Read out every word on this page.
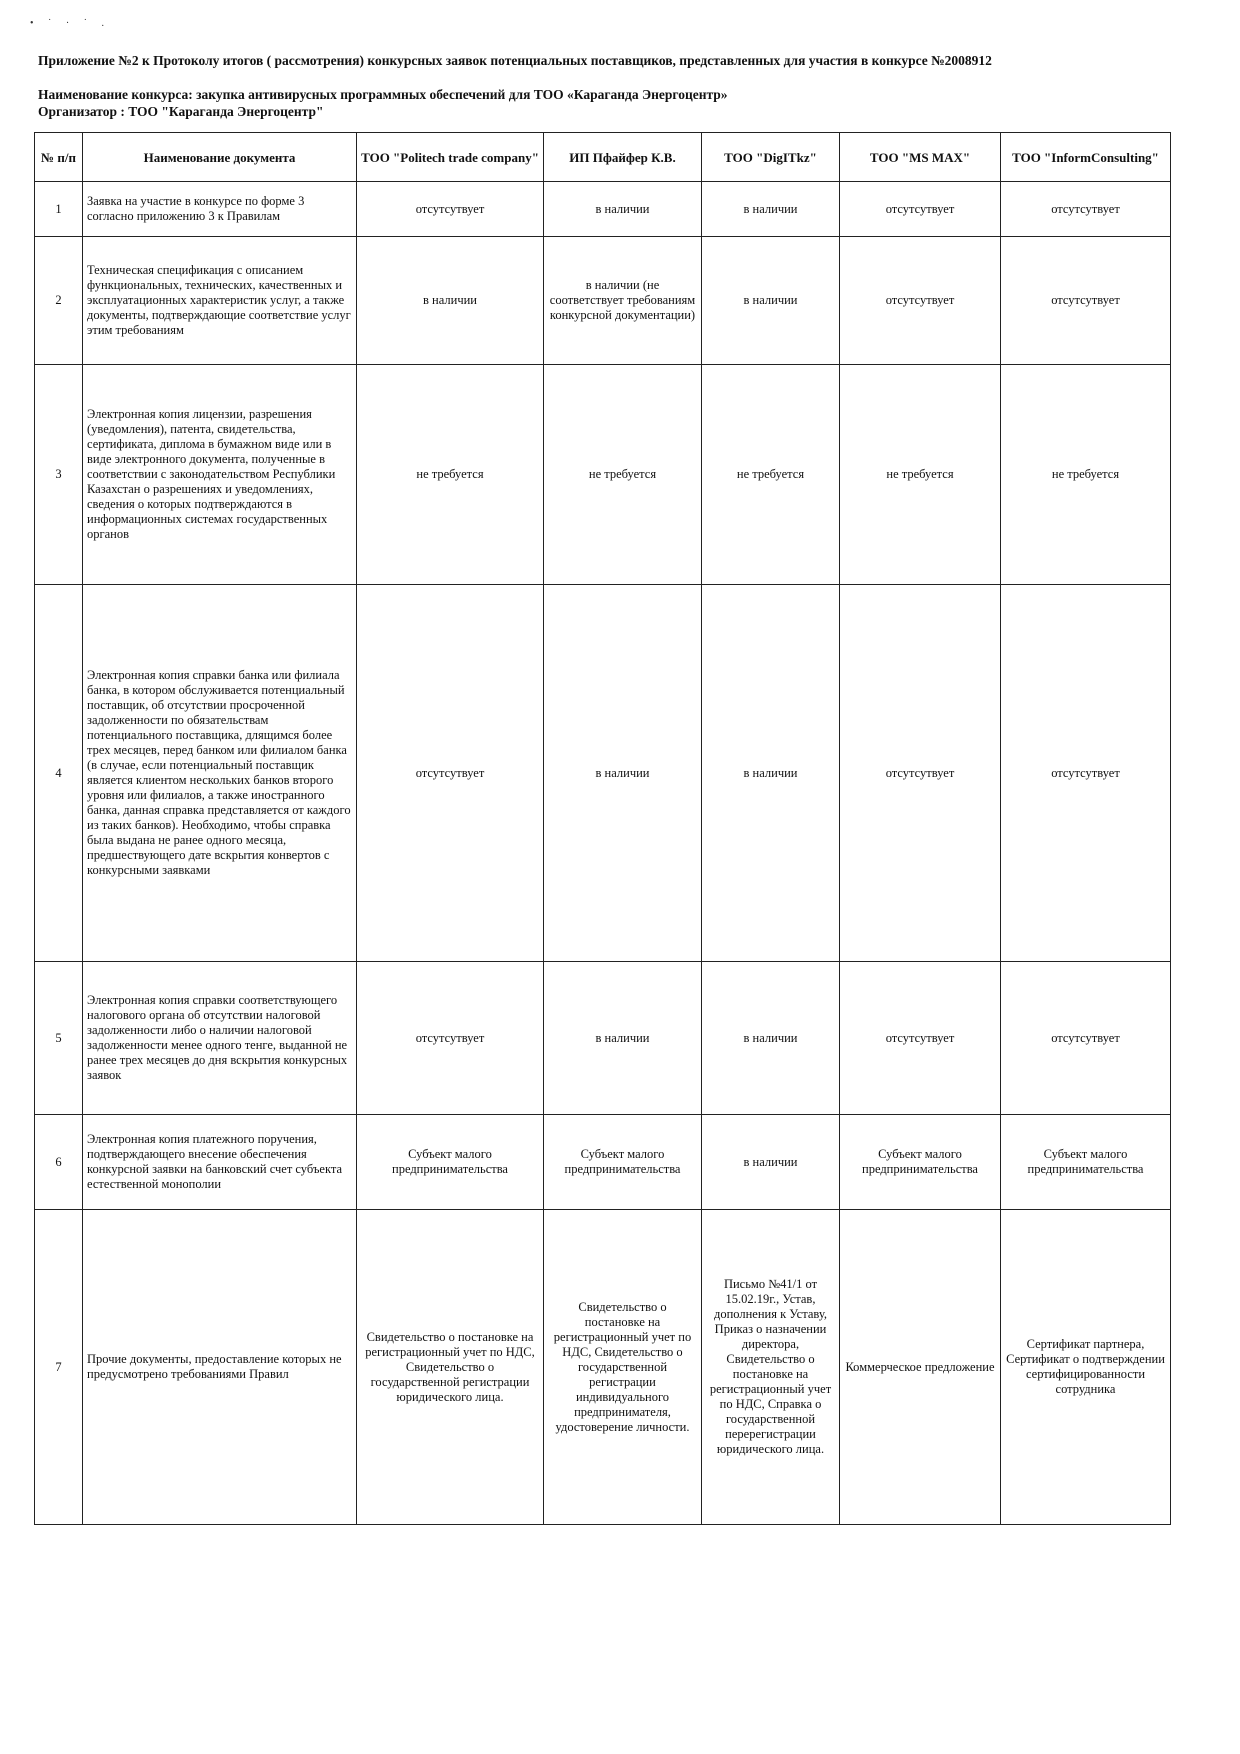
• ˙ · ˙ .
Приложение №2 к Протоколу итогов ( рассмотрения) конкурсных заявок потенциальных поставщиков, представленных для участия в конкурсе №2008912
Наименование конкурса: закупка антивирусных программных обеспечений для ТОО «Караганда Энергоцентр»
Организатор : ТОО "Караганда Энергоцентр"
№ п/п	Наименование документа	ТОО "Politech trade company"	ИП Пфайфер К.В.	ТОО "DigITkz"	ТОО "MS MAX"	ТОО "InformConsulting"
1	Заявка на участие в конкурсе по форме 3 согласно приложению 3 к Правилам	отсутсутвует	в наличии	в наличии	отсутсутвует	отсутсутвует
2	Техническая спецификация с описанием функциональных, технических, качественных и эксплуатационных характеристик услуг, а также документы, подтверждающие соответствие услуг этим требованиям	в наличии	в наличии (не соответствует требованиям конкурсной документации)	в наличии	отсутсутвует	отсутсутвует
3	Электронная копия лицензии, разрешения (уведомления), патента, свидетельства, сертификата, диплома в бумажном виде или в виде электронного документа, полученные в соответствии с законодательством Республики Казахстан о разрешениях и уведомлениях, сведения о которых подтверждаются в информационных системах государственных органов	не требуется	не требуется	не требуется	не требуется	не требуется
4	Электронная копия справки банка или филиала банка, в котором обслуживается потенциальный поставщик, об отсутствии просроченной задолженности по обязательствам потенциального поставщика, длящимся более трех месяцев, перед банком или филиалом банка (в случае, если потенциальный поставщик является клиентом нескольких банков второго уровня или филиалов, а также иностранного банка, данная справка представляется от каждого из таких банков). Необходимо, чтобы справка была выдана не ранее одного месяца, предшествующего дате вскрытия конвертов с конкурсными заявками	отсутсутвует	в наличии	в наличии	отсутсутвует	отсутсутвует
5	Электронная копия справки соответствующего налогового органа об отсутствии налоговой задолженности либо о наличии налоговой задолженности менее одного тенге, выданной не ранее трех месяцев до дня вскрытия конкурсных заявок	отсутсутвует	в наличии	в наличии	отсутсутвует	отсутсутвует
6	Электронная копия платежного поручения, подтверждающего внесение обеспечения конкурсной заявки на банковский счет субъекта естественной монополии	Субъект малого предпринимательства	Субъект малого предпринимательства	в наличии	Субъект малого предпринимательства	Субъект малого предпринимательства
7	Прочие документы, предоставление которых не предусмотрено требованиями Правил	Свидетельство о постановке на регистрационный учет по НДС, Свидетельство о государственной регистрации юридического лица.	Свидетельство о постановке на регистрационный учет по НДС, Свидетельство о государственной регистрации индивидуального предпринимателя, удостоверение личности.	Письмо №41/1 от 15.02.19г., Устав, дополнения к Уставу, Приказ о назначении директора, Свидетельство о постановке на регистрационный учет по НДС, Справка о государственной перерегистрации юридического лица.	Коммерческое предложение	Сертификат партнера, Сертификат о подтверждении сертифицированности сотрудника
